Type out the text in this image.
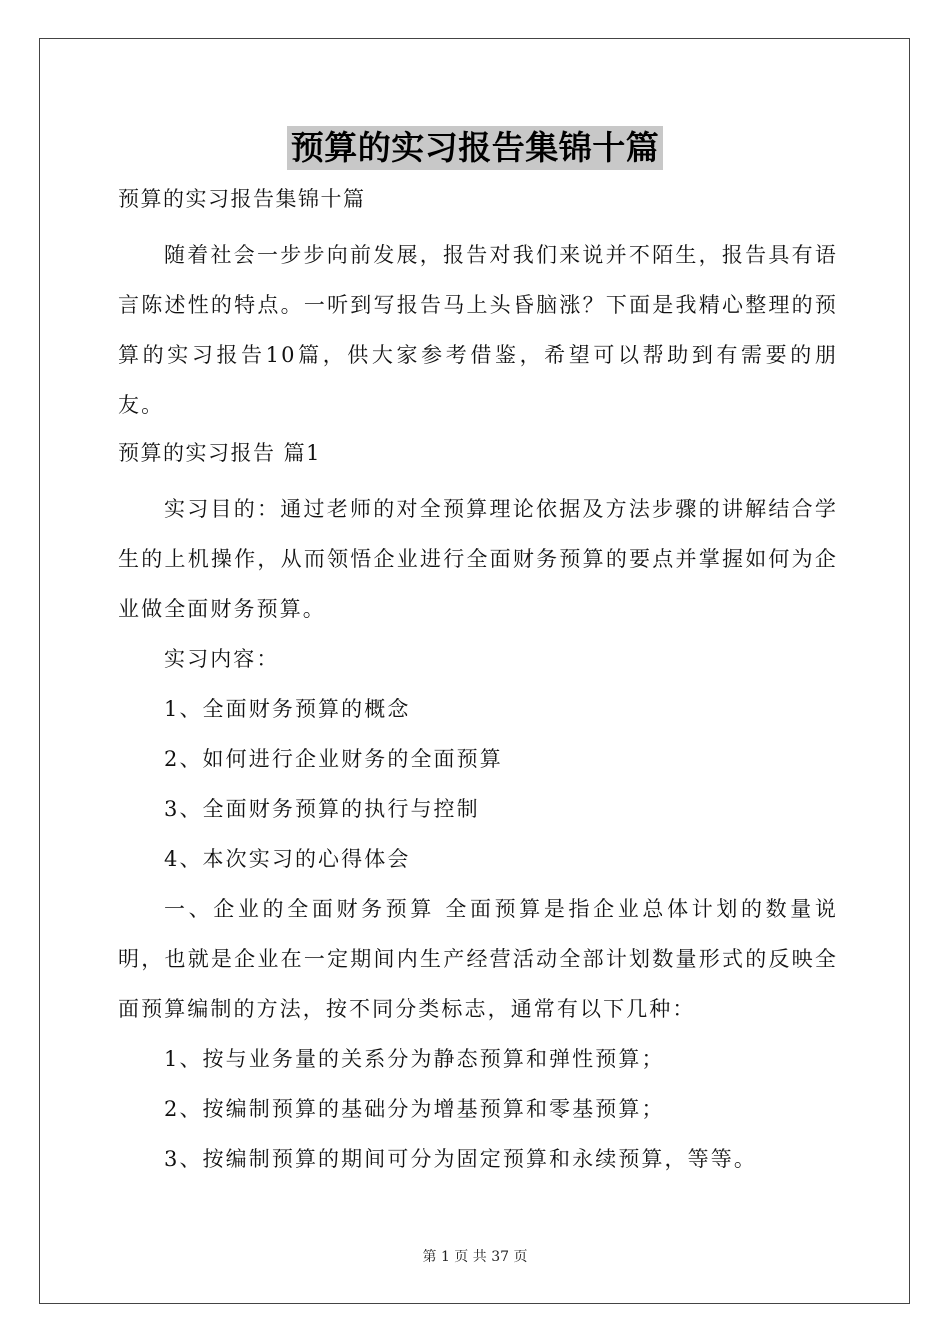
预算的实习报告集锦十篇
预算的实习报告集锦十篇

随着社会一步步向前发展，报告对我们来说并不陌生，报告具有语言陈述性的特点。一听到写报告马上头昏脑涨？下面是我精心整理的预算的实习报告10篇，供大家参考借鉴，希望可以帮助到有需要的朋友。

预算的实习报告 篇1

实习目的：通过老师的对全预算理论依据及方法步骤的讲解结合学生的上机操作，从而领悟企业进行全面财务预算的要点并掌握如何为企业做全面财务预算。

实习内容：
1、全面财务预算的概念
2、如何进行企业财务的全面预算
3、全面财务预算的执行与控制
4、本次实习的心得体会

一、企业的全面财务预算 全面预算是指企业总体计划的数量说明，也就是企业在一定期间内生产经营活动全部计划数量形式的反映全面预算编制的方法，按不同分类标志，通常有以下几种：

1、按与业务量的关系分为静态预算和弹性预算；
2、按编制预算的基础分为增基预算和零基预算；
3、按编制预算的期间可分为固定预算和永续预算，等等。
第 1 页 共 37 页
